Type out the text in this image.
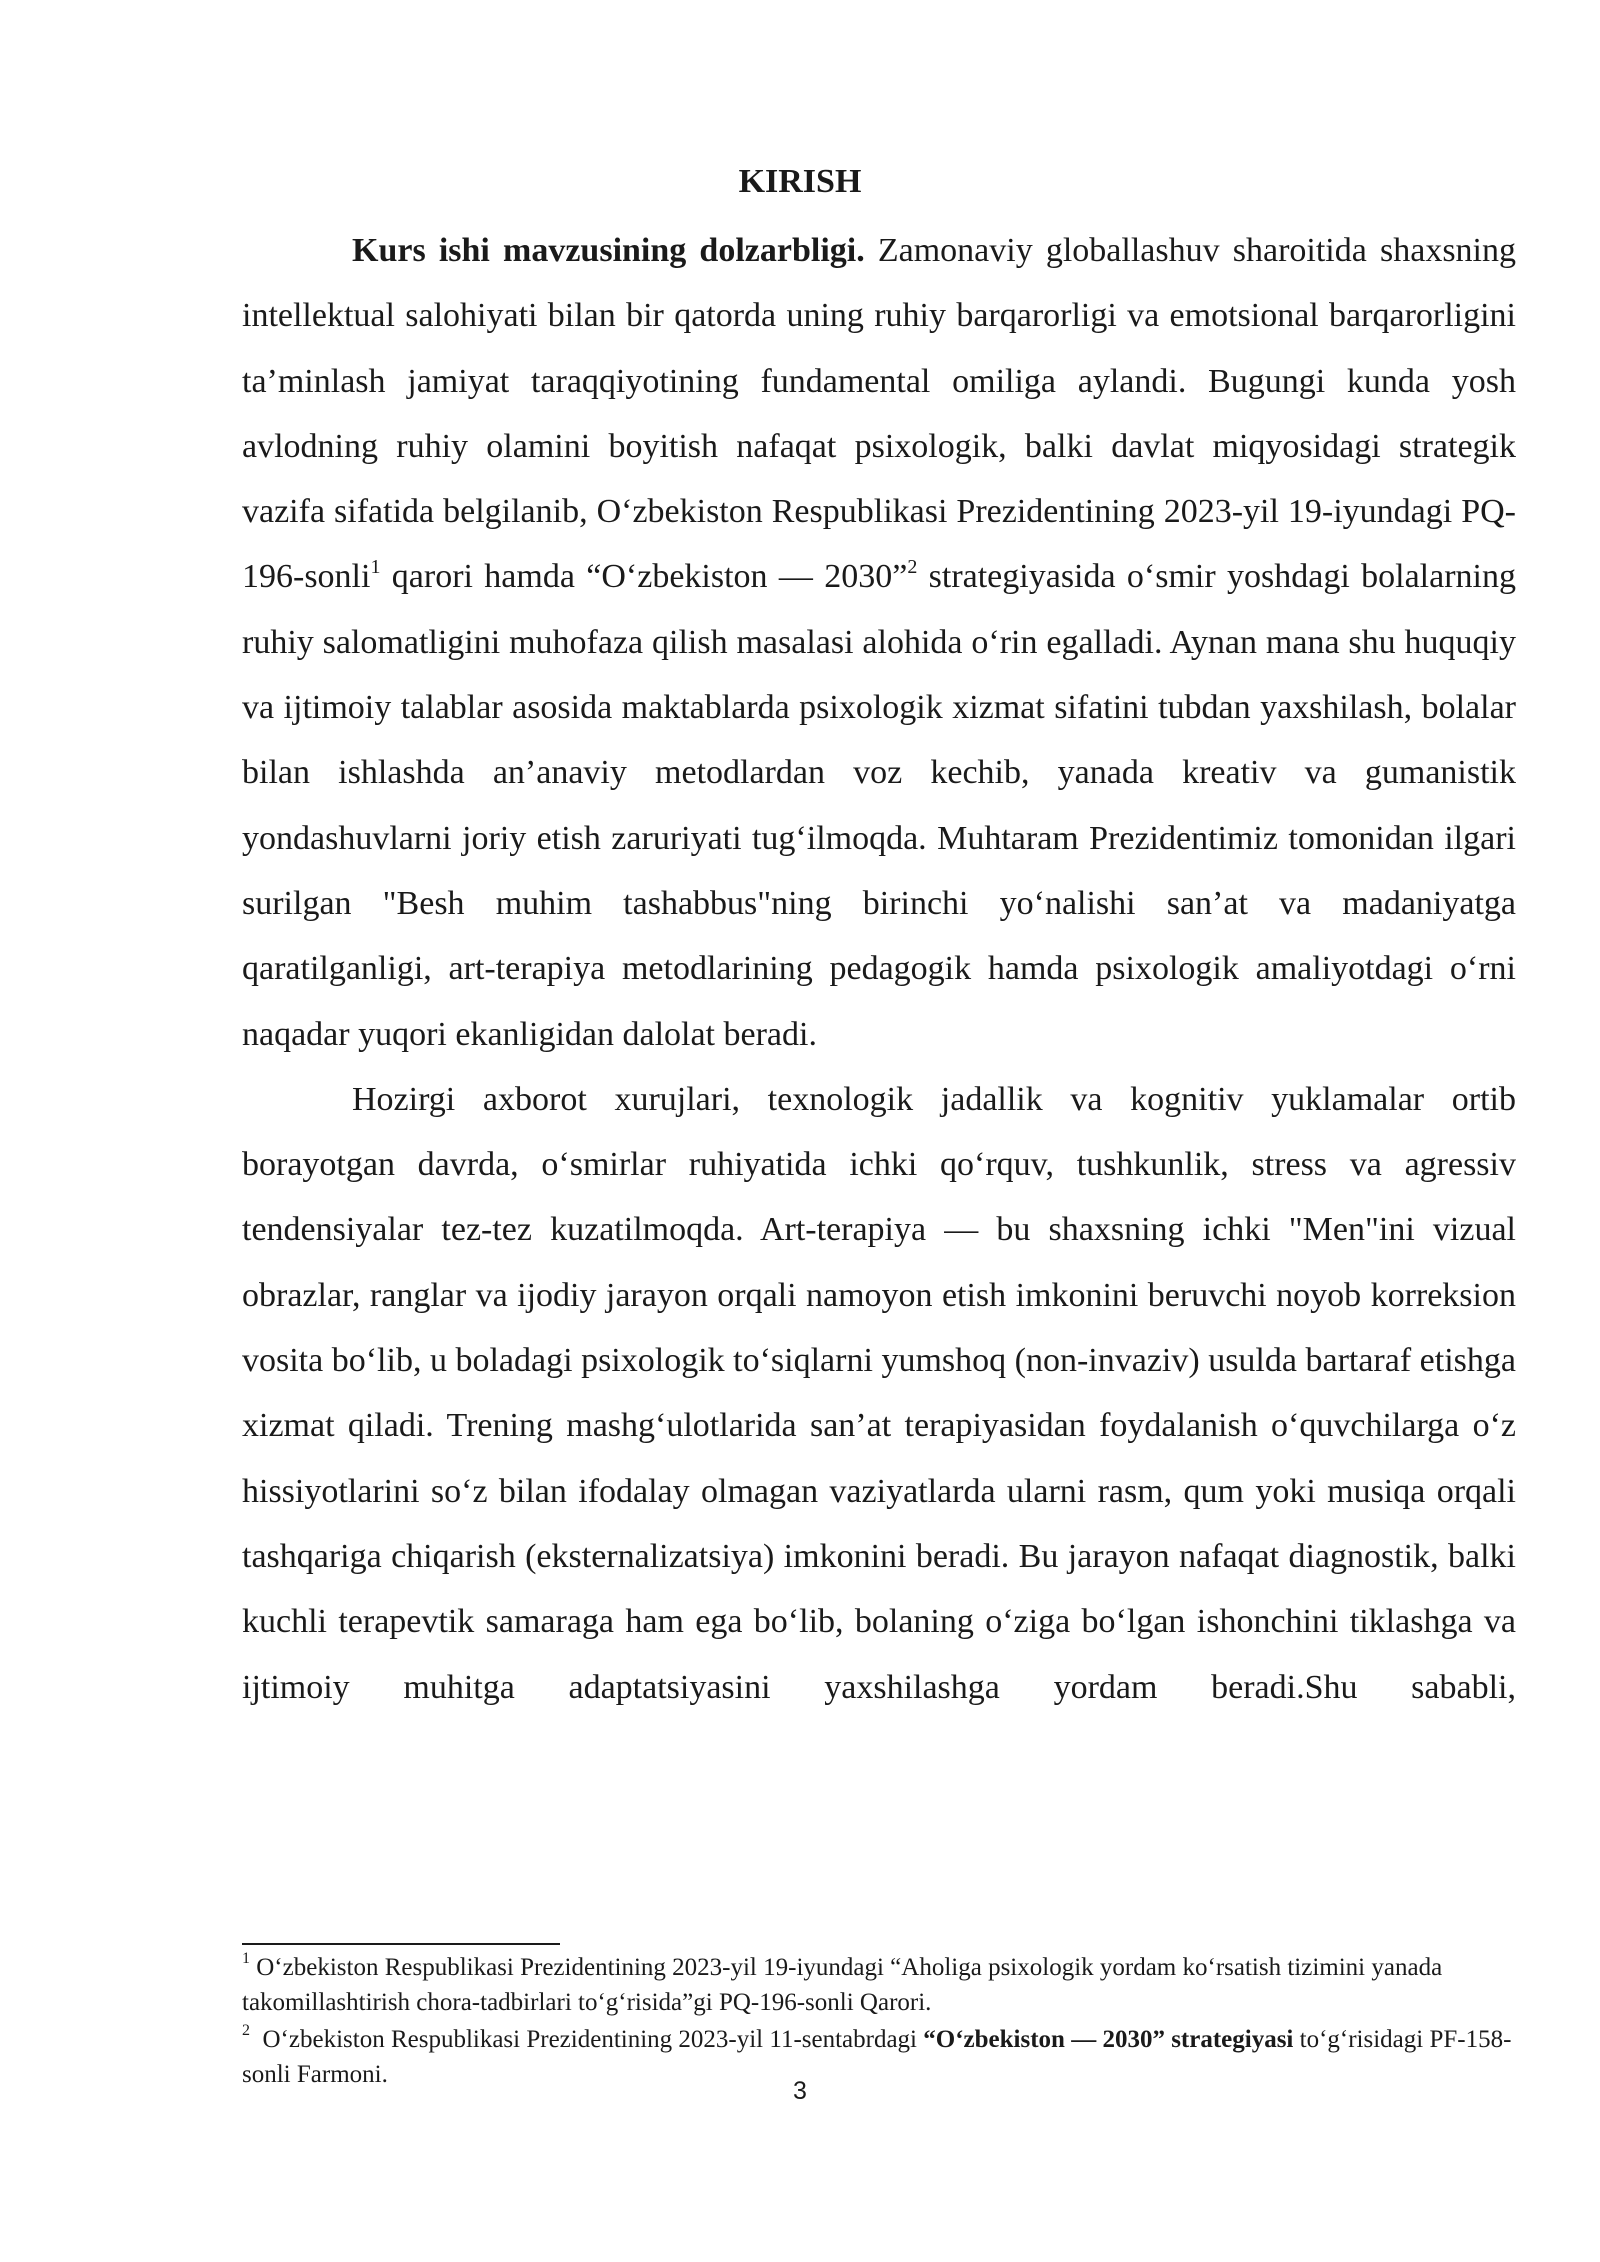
KIRISH

Kurs ishi mavzusining dolzarbligi. Zamonaviy globallashuv sharoitida shaxsning intellektual salohiyati bilan bir qatorda uning ruhiy barqarorligi va emotsional barqarorligini ta’minlash jamiyat taraqqiyotining fundamental omiliga aylandi. Bugungi kunda yosh avlodning ruhiy olamini boyitish nafaqat psixologik, balki davlat miqyosidagi strategik vazifa sifatida belgilanib, O‘zbekiston Respublikasi Prezidentining 2023-yil 19-iyundagi PQ-196-sonli$^1$ qarori hamda “O‘zbekiston — 2030”$^2$ strategiyasida o‘smir yoshdagi bolalarning ruhiy salomatligini muhofaza qilish masalasi alohida o‘rin egalladi. Aynan mana shu huquqiy va ijtimoiy talablar asosida maktablarda psixologik xizmat sifatini tubdan yaxshilash, bolalar bilan ishlashda an’anaviy metodlardan voz kechib, yanada kreativ va gumanistik yondashuvlarni joriy etish zaruriyati tug‘ilmoqda. Muhtaram Prezidentimiz tomonidan ilgari surilgan "Besh muhim tashabbus"ning birinchi yo‘nalishi san’at va madaniyatga qaratilganligi, art-terapiya metodlarining pedagogik hamda psixologik amaliyotdagi o‘rni naqadar yuqori ekanligidan dalolat beradi.

Hozirgi axborot xurujlari, texnologik jadallik va kognitiv yuklamalar ortib borayotgan davrda, o‘smirlar ruhiyatida ichki qo‘rquv, tushkunlik, stress va agressiv tendensiyalar tez-tez kuzatilmoqda. Art-terapiya — bu shaxsning ichki "Men"ini vizual obrazlar, ranglar va ijodiy jarayon orqali namoyon etish imkonini beruvchi noyob korreksion vosita bo‘lib, u boladagi psixologik to‘siqlarni yumshoq (non-invaziv) usulda bartaraf etishga xizmat qiladi. Trening mashg‘ulotlarida san’at terapiyasidan foydalanish o‘quvchilarga o‘z hissiyotlarini so‘z bilan ifodalay olmagan vaziyatlarda ularni rasm, qum yoki musiqa orqali tashqariga chiqarish (eksternalizatsiya) imkonini beradi. Bu jarayon nafaqat diagnostik, balki kuchli terapevtik samaraga ham ega bo‘lib, bolaning o‘ziga bo‘lgan ishonchini tiklashga va ijtimoiy muhitga adaptatsiyasini yaxshilashga yordam beradi.Shu sababli,

$^1$ O‘zbekiston Respublikasi Prezidentining 2023-yil 19-iyundagi “Aholiga psixologik yordam ko‘rsatish tizimini yanada takomillashtirish chora-tadbirlari to‘g‘risida”gi PQ-196-sonli Qarori.

$^2$  O‘zbekiston Respublikasi Prezidentining 2023-yil 11-sentabrdagi “O‘zbekiston — 2030” strategiyasi to‘g‘risidagi PF-158-sonli Farmoni.

3
